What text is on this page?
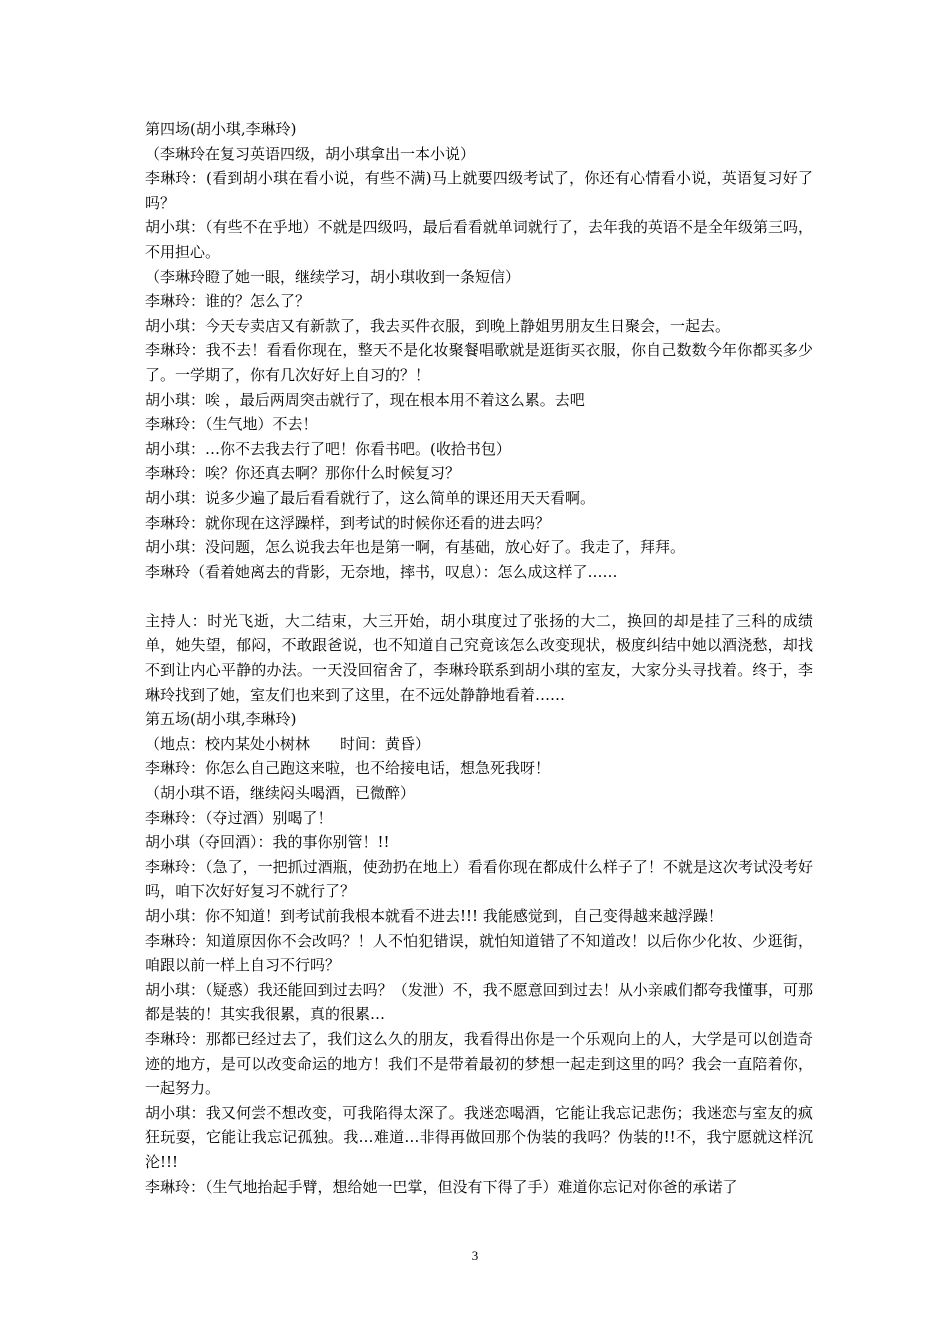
第四场(胡小琪,李琳玲)

（李琳玲在复习英语四级，胡小琪拿出一本小说）

李琳玲：(看到胡小琪在看小说，有些不满)马上就要四级考试了，你还有心情看小说，英语复习好了吗？

胡小琪：（有些不在乎地）不就是四级吗，最后看看就单词就行了，去年我的英语不是全年级第三吗，不用担心。

（李琳玲瞪了她一眼，继续学习，胡小琪收到一条短信）

李琳玲：谁的？怎么了？

胡小琪：今天专卖店又有新款了，我去买件衣服，到晚上静姐男朋友生日聚会，一起去。

李琳玲：我不去！看看你现在，整天不是化妆聚餐唱歌就是逛街买衣服，你自己数数今年你都买多少了。一学期了，你有几次好好上自习的？！

胡小琪：唉 ，最后两周突击就行了，现在根本用不着这么累。去吧

李琳玲：（生气地）不去！

胡小琪：…你不去我去行了吧！你看书吧。(收拾书包）

李琳玲：唉？你还真去啊？那你什么时候复习？

胡小琪：说多少遍了最后看看就行了，这么简单的课还用天天看啊。

李琳玲：就你现在这浮躁样，到考试的时候你还看的进去吗？

胡小琪：没问题，怎么说我去年也是第一啊，有基础，放心好了。我走了，拜拜。

李琳玲（看着她离去的背影，无奈地，摔书，叹息）：怎么成这样了……

主持人：时光飞逝，大二结束，大三开始，胡小琪度过了张扬的大二，换回的却是挂了三科的成绩单，她失望，郁闷，不敢跟爸说，也不知道自己究竟该怎么改变现状，极度纠结中她以酒浇愁，却找不到让内心平静的办法。一天没回宿舍了，李琳玲联系到胡小琪的室友，大家分头寻找着。终于，李琳玲找到了她，室友们也来到了这里，在不远处静静地看着……

第五场(胡小琪,李琳玲)

（地点：校内某处小树林　　时间：黄昏）

李琳玲：你怎么自己跑这来啦，也不给接电话，想急死我呀！

（胡小琪不语，继续闷头喝酒，已微醉）

李琳玲：（夺过酒）别喝了！

胡小琪（夺回酒）：我的事你别管！!!

李琳玲：（急了，一把抓过酒瓶，使劲扔在地上）看看你现在都成什么样子了！不就是这次考试没考好吗，咱下次好好复习不就行了？

胡小琪：你不知道！到考试前我根本就看不进去!!! 我能感觉到，自己变得越来越浮躁！

李琳玲：知道原因你不会改吗？！人不怕犯错误，就怕知道错了不知道改！以后你少化妆、少逛街，咱跟以前一样上自习不行吗？

胡小琪：（疑惑）我还能回到过去吗？（发泄）不，我不愿意回到过去！从小亲戚们都夸我懂事，可那都是装的！其实我很累，真的很累…

李琳玲：那都已经过去了，我们这么久的朋友，我看得出你是一个乐观向上的人，大学是可以创造奇迹的地方，是可以改变命运的地方！我们不是带着最初的梦想一起走到这里的吗？我会一直陪着你，一起努力。

胡小琪：我又何尝不想改变，可我陷得太深了。我迷恋喝酒，它能让我忘记悲伤；我迷恋与室友的疯狂玩耍，它能让我忘记孤独。我…难道…非得再做回那个伪装的我吗？伪装的!!不，我宁愿就这样沉沦!!!

李琳玲：（生气地抬起手臂，想给她一巴掌，但没有下得了手）难道你忘记对你爸的承诺了

3
